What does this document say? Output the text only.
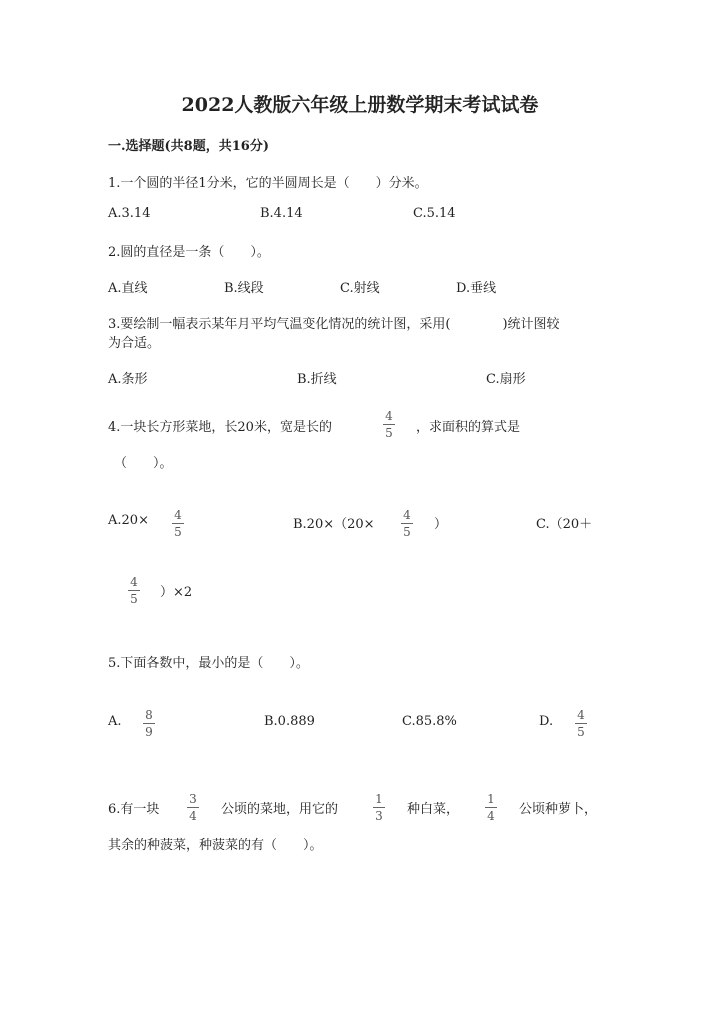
2022人教版六年级上册数学期末考试试卷
一.选择题(共8题，共16分)
1.一个圆的半径1分米，它的半圆周长是（　　）分米。
A.3.14	B.4.14	C.5.14
2.圆的直径是一条（　　）。
A.直线	B.线段	C.射线	D.垂线
3.要绘制一幅表示某年月平均气温变化情况的统计图，采用(　　　　)统计图较
为合适。
A.条形	B.折线	C.扇形
4.一块长方形菜地，长20米，宽是长的
4
5 ，求面积的算式是
（　　）。
A.20× 4
5	B.20×（20×
4
5 ）	C.（20＋
4
5 ）×2
5.下面各数中，最小的是（　　）。
A. 8
9
B.0.889	C.85.8%	D. 4
5
6.有一块
3
4 公顷的菜地，用它的
1
3 种白菜，
1
4 公顷种萝卜，
其余的种菠菜，种菠菜的有（　　）。
